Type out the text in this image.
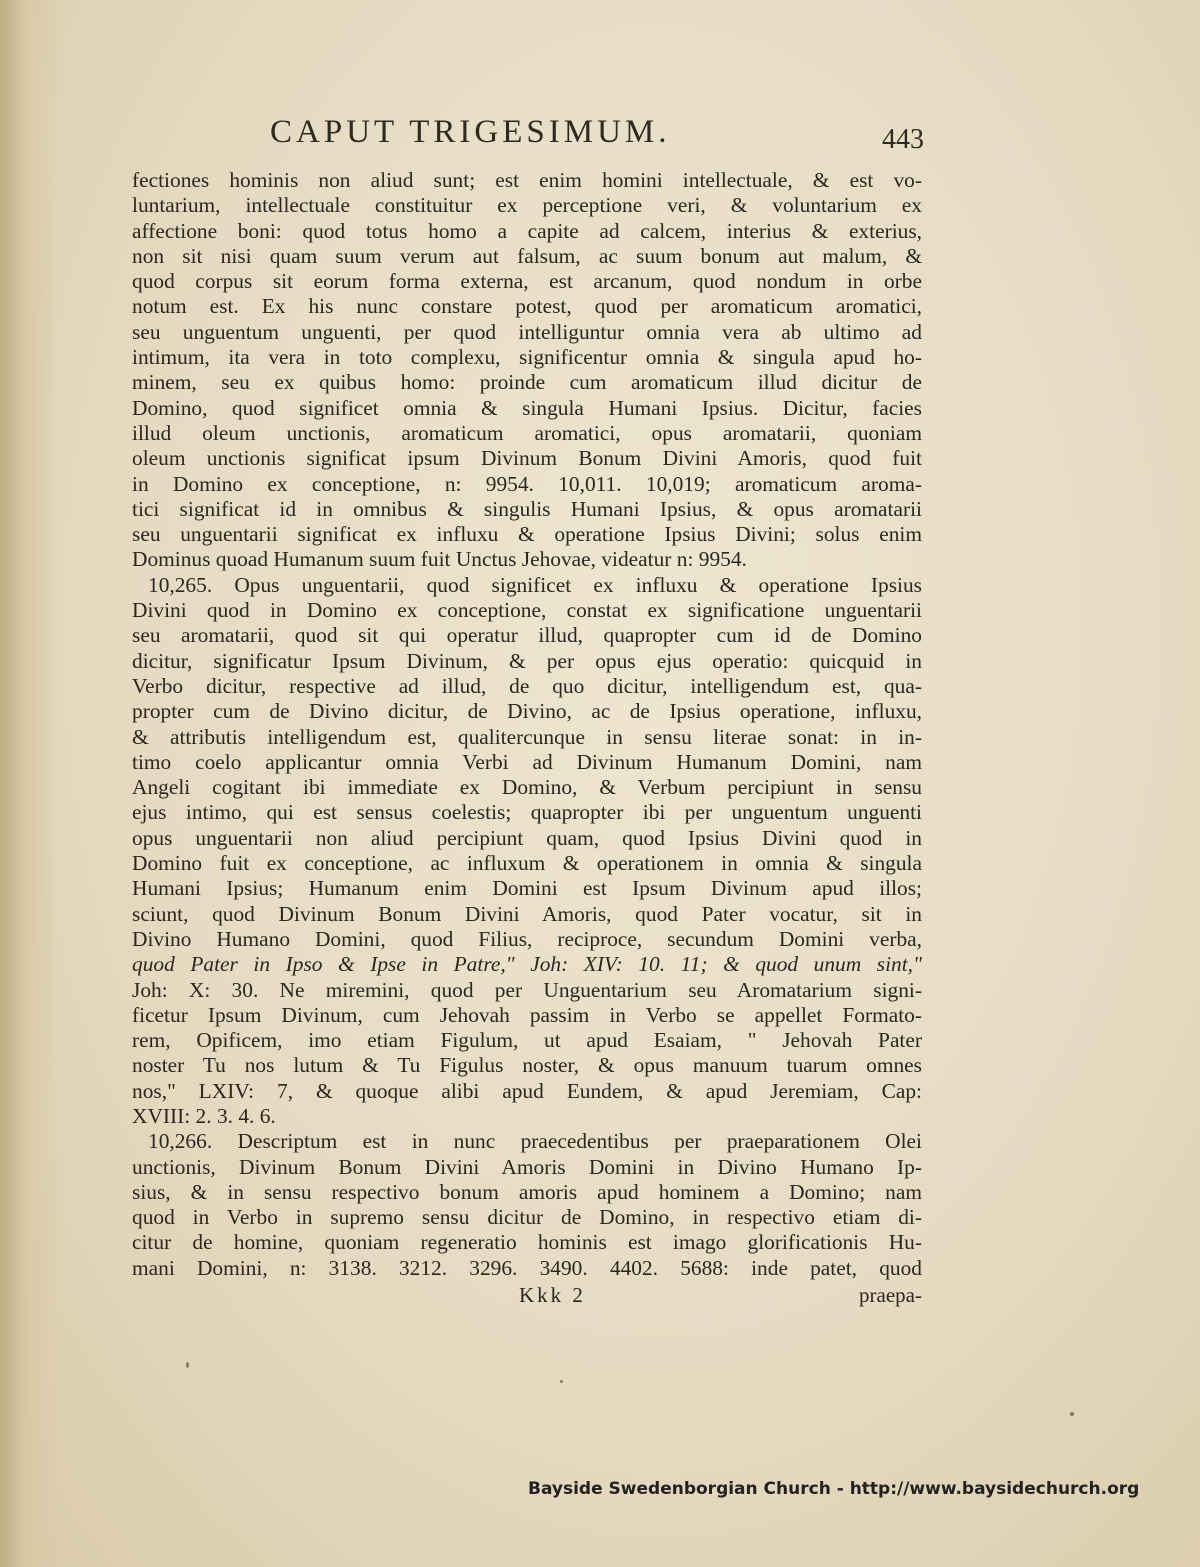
CAPUT TRIGESIMUM.	443
fectiones hominis non aliud sunt; est enim homini intellectuale, & est vo-
luntarium, intellectuale constituitur ex perceptione veri, & voluntarium ex
affectione boni: quod totus homo a capite ad calcem, interius & exterius,
non sit nisi quam suum verum aut falsum, ac suum bonum aut malum, &
quod corpus sit eorum forma externa, est arcanum, quod nondum in orbe
notum est. Ex his nunc constare potest, quod per aromaticum aromatici,
seu unguentum unguenti, per quod intelliguntur omnia vera ab ultimo ad
intimum, ita vera in toto complexu, significentur omnia & singula apud ho-
minem, seu ex quibus homo: proinde cum aromaticum illud dicitur de
Domino, quod significet omnia & singula Humani Ipsius. Dicitur, facies
illud oleum unctionis, aromaticum aromatici, opus aromatarii, quoniam
oleum unctionis significat ipsum Divinum Bonum Divini Amoris, quod fuit
in Domino ex conceptione, n: 9954. 10,011. 10,019; aromaticum aroma-
tici significat id in omnibus & singulis Humani Ipsius, & opus aromatarii
seu unguentarii significat ex influxu & operatione Ipsius Divini; solus enim
Dominus quoad Humanum suum fuit Unctus Jehovae, videatur n: 9954.
10,265. Opus unguentarii, quod significet ex influxu & operatione Ipsius
Divini quod in Domino ex conceptione, constat ex significatione unguentarii
seu aromatarii, quod sit qui operatur illud, quapropter cum id de Domino
dicitur, significatur Ipsum Divinum, & per opus ejus operatio: quicquid in
Verbo dicitur, respective ad illud, de quo dicitur, intelligendum est, qua-
propter cum de Divino dicitur, de Divino, ac de Ipsius operatione, influxu,
& attributis intelligendum est, qualitercunque in sensu literae sonat: in in-
timo coelo applicantur omnia Verbi ad Divinum Humanum Domini, nam
Angeli cogitant ibi immediate ex Domino, & Verbum percipiunt in sensu
ejus intimo, qui est sensus coelestis; quapropter ibi per unguentum unguenti
opus unguentarii non aliud percipiunt quam, quod Ipsius Divini quod in
Domino fuit ex conceptione, ac influxum & operationem in omnia & singula
Humani Ipsius; Humanum enim Domini est Ipsum Divinum apud illos;
sciunt, quod Divinum Bonum Divini Amoris, quod Pater vocatur, sit in
Divino Humano Domini, quod Filius, reciproce, secundum Domini verba,
quod Pater in Ipso & Ipse in Patre," Joh: XIV: 10. 11; & quod unum sint,"
Joh: X: 30. Ne miremini, quod per Unguentarium seu Aromatarium signi-
ficetur Ipsum Divinum, cum Jehovah passim in Verbo se appellet Formato-
rem, Opificem, imo etiam Figulum, ut apud Esaiam, " Jehovah Pater
noster Tu nos lutum & Tu Figulus noster, & opus manuum tuarum omnes
nos," LXIV: 7, & quoque alibi apud Eundem, & apud Jeremiam, Cap:
XVIII: 2. 3. 4. 6.
10,266. Descriptum est in nunc praecedentibus per praeparationem Olei
unctionis, Divinum Bonum Divini Amoris Domini in Divino Humano Ip-
sius, & in sensu respectivo bonum amoris apud hominem a Domino; nam
quod in Verbo in supremo sensu dicitur de Domino, in respectivo etiam di-
citur de homine, quoniam regeneratio hominis est imago glorificationis Hu-
mani Domini, n: 3138. 3212. 3296. 3490. 4402. 5688: inde patet, quod
Kkk 2	praepa-
Bayside Swedenborgian Church - http://www.baysidechurch.org
